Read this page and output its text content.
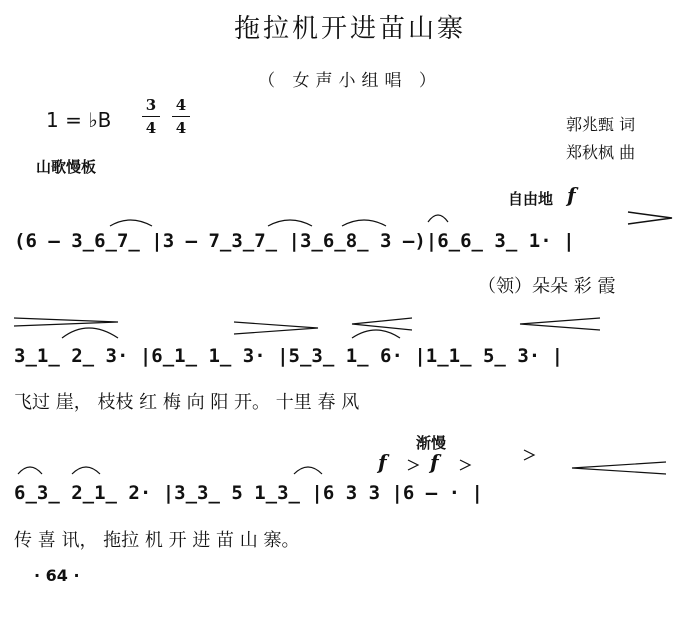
拖拉机开进苗山寨
（ 女声小组唱 ）
1 = ♭B
3
4
4
4	郭兆甄 词
郑秋枫 曲
山歌慢板
自由地 f
(6 — 3̲6̲7̲ |3 — 7̲3̲7̲ |3̲6̲8̲ 3 —)|6̲6̲ 3̲ 1· |
（领）朵朵 彩 霞
3̲1̲ 2̲ 3· |6̲1̲ 1̲ 3· |5̲3̲ 1̲ 6· |1̲1̲ 5̲ 3· |
飞过 崖， 枝枝 红 梅 向 阳 开。 十里 春 风
渐慢
f f
6̲3̲ 2̲1̲ 2· |3̲3̲ 5 1̲3̲ |6 3 3 |6 — · |
传 喜 讯， 拖拉 机 开 进 苗 山 寨。
· 64 ·
